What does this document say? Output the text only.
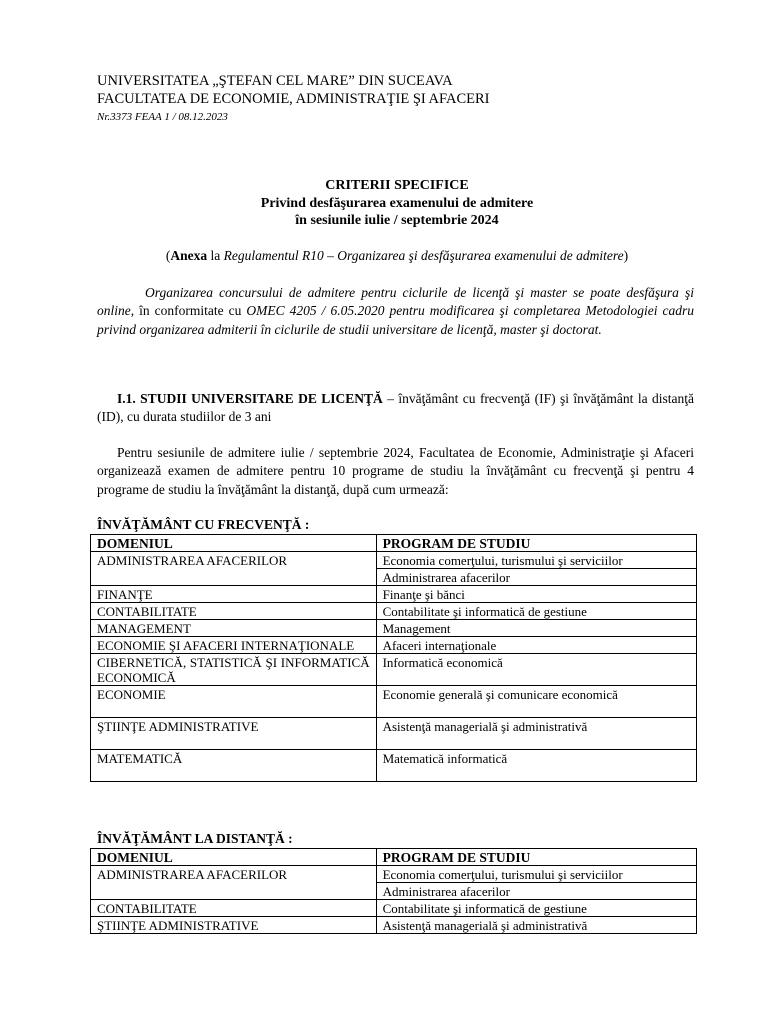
UNIVERSITATEA „ŞTEFAN CEL MARE” DIN SUCEAVA
FACULTATEA DE ECONOMIE, ADMINISTRAŢIE ŞI AFACERI
Nr.3373 FEAA 1 / 08.12.2023
CRITERII SPECIFICE
Privind desfăşurarea examenului de admitere
în sesiunile iulie / septembrie 2024
(Anexa la Regulamentul R10 – Organizarea şi desfăşurarea examenului de admitere)
Organizarea concursului de admitere pentru ciclurile de licenţă şi master se poate desfăşura şi online, în conformitate cu OMEC 4205 / 6.05.2020 pentru modificarea şi completarea Metodologiei cadru privind organizarea admiterii în ciclurile de studii universitare de licenţă, master şi doctorat.
I.1. STUDII UNIVERSITARE DE LICENŢĂ – învăţământ cu frecvenţă (IF) şi învăţământ la distanţă (ID), cu durata studiilor de 3 ani
Pentru sesiunile de admitere iulie / septembrie 2024, Facultatea de Economie, Administraţie şi Afaceri organizează examen de admitere pentru 10 programe de studiu la învăţământ cu frecvenţă şi pentru 4 programe de studiu la învăţământ la distanţă, după cum urmează:
ÎNVĂŢĂMÂNT CU FRECVENŢĂ :
DOMENIUL	PROGRAM DE STUDIU
ADMINISTRAREA AFACERILOR	Economia comerţului, turismului şi serviciilor
	Administrarea afacerilor
FINANŢE	Finanţe şi bănci
CONTABILITATE	Contabilitate şi informatică de gestiune
MANAGEMENT	Management
ECONOMIE ŞI AFACERI INTERNAŢIONALE	Afaceri internaţionale
CIBERNETICĂ, STATISTICĂ ŞI INFORMATICĂ ECONOMICĂ	Informatică economică
ECONOMIE	Economie generală şi comunicare economică
ŞTIINŢE ADMINISTRATIVE	Asistenţă managerială şi administrativă
MATEMATICĂ	Matematică informatică
ÎNVĂŢĂMÂNT LA DISTANŢĂ :
DOMENIUL	PROGRAM DE STUDIU
ADMINISTRAREA AFACERILOR	Economia comerţului, turismului şi serviciilor
	Administrarea afacerilor
CONTABILITATE	Contabilitate şi informatică de gestiune
ŞTIINŢE ADMINISTRATIVE	Asistenţă managerială şi administrativă
